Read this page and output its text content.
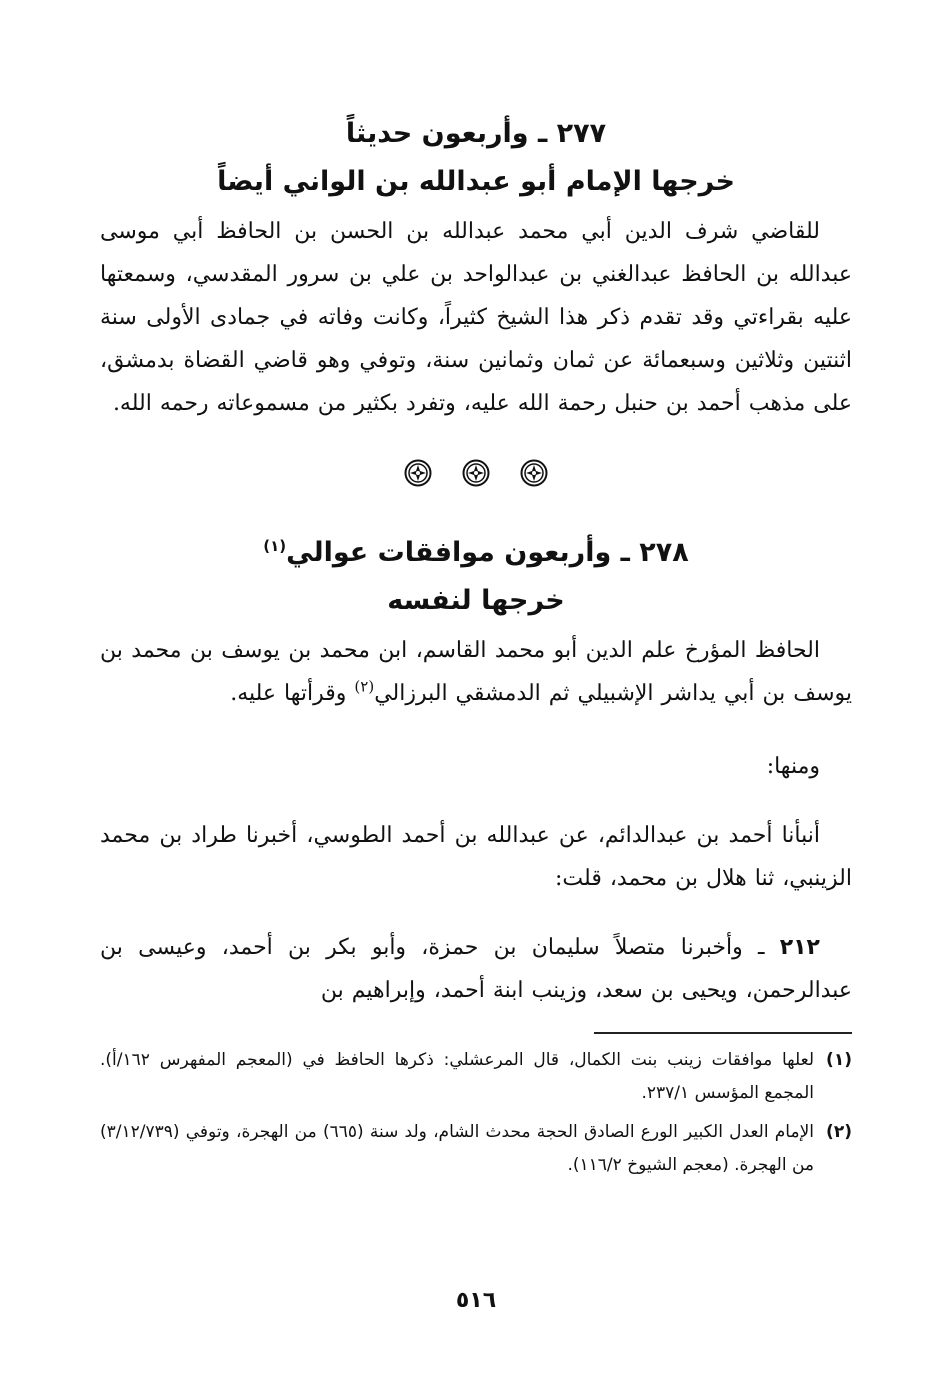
٢٧٧ ـ وأربعون حديثاً
خرجها الإمام أبو عبدالله بن الواني أيضاً
للقاضي شرف الدين أبي محمد عبدالله بن الحسن بن الحافظ أبي موسى عبدالله بن الحافظ عبدالغني بن عبدالواحد بن علي بن سرور المقدسي، وسمعتها عليه بقراءتي وقد تقدم ذكر هذا الشيخ كثيراً، وكانت وفاته في جمادى الأولى سنة اثنتين وثلاثين وسبعمائة عن ثمان وثمانين سنة، وتوفي وهو قاضي القضاة بدمشق، على مذهب أحمد بن حنبل رحمة الله عليه، وتفرد بكثير من مسموعاته رحمه الله.
٢٧٨ ـ وأربعون موافقات عوالي$^{(١)}$
خرجها لنفسه
الحافظ المؤرخ علم الدين أبو محمد القاسم، ابن محمد بن يوسف بن محمد بن يوسف بن أبي يداشر الإشبيلي ثم الدمشقي البرزالي$^{(٢)}$ وقرأتها عليه.
ومنها:
أنبأنا أحمد بن عبدالدائم، عن عبدالله بن أحمد الطوسي، أخبرنا طراد بن محمد الزينبي، ثنا هلال بن محمد، قلت:
٢١٢ ـ وأخبرنا متصلاً سليمان بن حمزة، وأبو بكر بن أحمد، وعيسى بن عبدالرحمن، ويحيى بن سعد، وزينب ابنة أحمد، وإبراهيم بن
(١)
لعلها موافقات زينب بنت الكمال، قال المرعشلي: ذكرها الحافظ في (المعجم المفهرس ١٦٢/أ). المجمع المؤسس ٢٣٧/١.
(٢)
الإمام العدل الكبير الورع الصادق الحجة محدث الشام، ولد سنة (٦٦٥) من الهجرة، وتوفي (٣/١٢/٧٣٩) من الهجرة. (معجم الشيوخ ١١٦/٢).
٥١٦
